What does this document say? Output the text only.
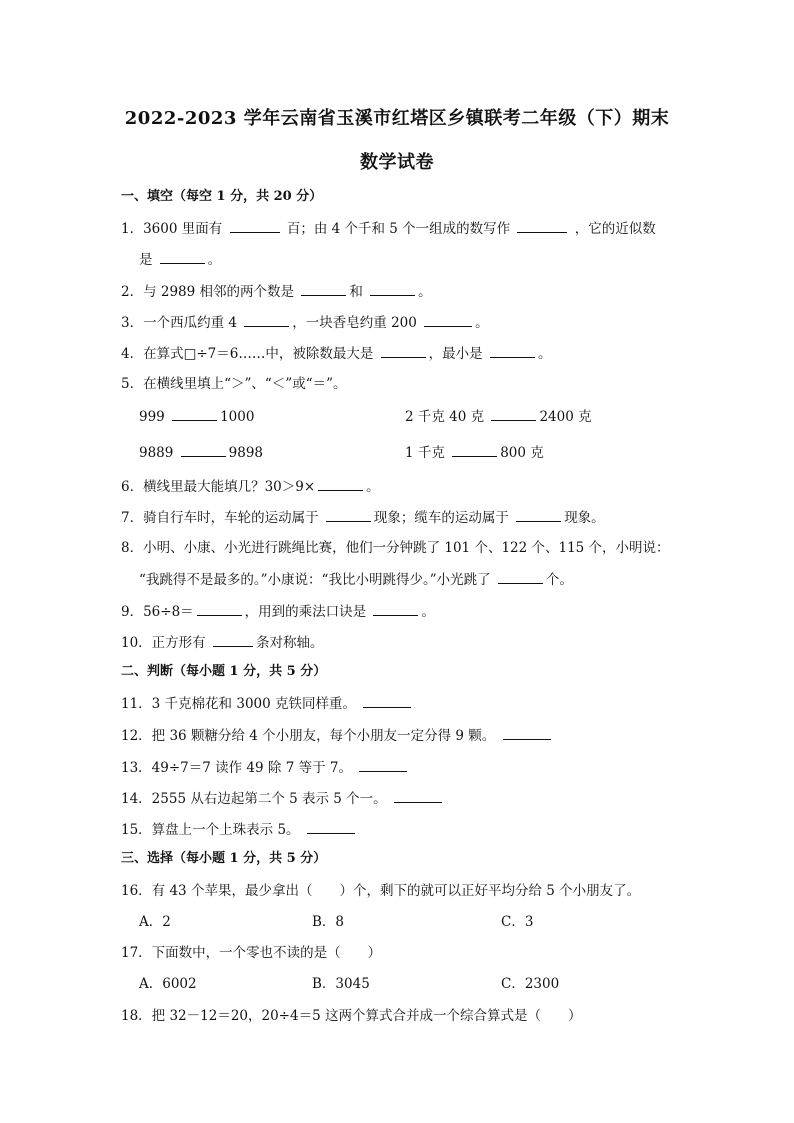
2022-2023 学年云南省玉溪市红塔区乡镇联考二年级（下）期末
数学试卷
一、填空（每空 1 分，共 20 分）
1．3600 里面有	百；由 4 个千和 5 个一组成的数写作	，它的近似数
是	。
2．与 2989 相邻的两个数是	和	。
3．一个西瓜约重 4	，一块香皂约重 200	。
4．在算式□÷7＝6……中，被除数最大是	，最小是	。
5．在横线里填上“＞”、“＜”或“＝”。
999	1000	2 千克 40 克	2400 克
9889	9898	1 千克	800 克
6．横线里最大能填几？30＞9×	。
7．骑自行车时，车轮的运动属于	现象；缆车的运动属于	现象。
8．小明、小康、小光进行跳绳比赛，他们一分钟跳了 101 个、122 个、115 个，小明说：
“我跳得不是最多的。”小康说：“我比小明跳得少。”小光跳了	个。
9．56÷8＝	，用到的乘法口诀是	。
10．正方形有	条对称轴。
二、判断（每小题 1 分，共 5 分）
11．3 千克棉花和 3000 克铁同样重。
12．把 36 颗糖分给 4 个小朋友，每个小朋友一定分得 9 颗。
13．49÷7＝7 读作 49 除 7 等于 7。
14．2555 从右边起第二个 5 表示 5 个一。
15．算盘上一个上珠表示 5。
三、选择（每小题 1 分，共 5 分）
16．有 43 个苹果，最少拿出（　　）个，剩下的就可以正好平均分给 5 个小朋友了。
A．2	B．8	C．3
17．下面数中，一个零也不读的是（　　）
A．6002	B．3045	C．2300
18．把 32－12＝20，20÷4＝5 这两个算式合并成一个综合算式是（　　）
